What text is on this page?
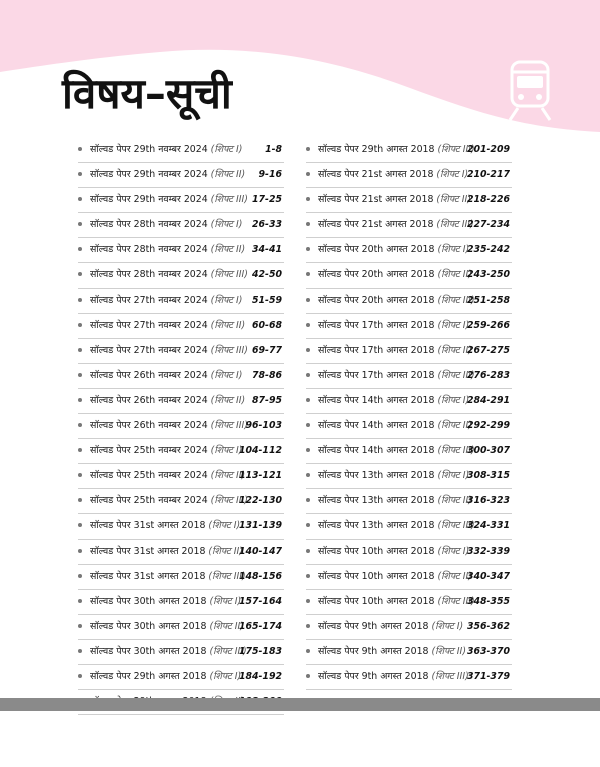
विषय–सूची
सॉल्वड पेपर 29th नवम्बर 2024 (शिफ्ट I) 1-8
सॉल्वड पेपर 29th नवम्बर 2024 (शिफ्ट II) 9-16
सॉल्वड पेपर 29th नवम्बर 2024 (शिफ्ट III) 17-25
सॉल्वड पेपर 28th नवम्बर 2024 (शिफ्ट I) 26-33
सॉल्वड पेपर 28th नवम्बर 2024 (शिफ्ट II) 34-41
सॉल्वड पेपर 28th नवम्बर 2024 (शिफ्ट III) 42-50
सॉल्वड पेपर 27th नवम्बर 2024 (शिफ्ट I) 51-59
सॉल्वड पेपर 27th नवम्बर 2024 (शिफ्ट II) 60-68
सॉल्वड पेपर 27th नवम्बर 2024 (शिफ्ट III) 69-77
सॉल्वड पेपर 26th नवम्बर 2024 (शिफ्ट I) 78-86
सॉल्वड पेपर 26th नवम्बर 2024 (शिफ्ट II) 87-95
सॉल्वड पेपर 26th नवम्बर 2024 (शिफ्ट III)
96-103
सॉल्वड पेपर 25th नवम्बर 2024 (शिफ्ट I)
104-112
सॉल्वड पेपर 25th नवम्बर 2024 (शिफ्ट II)
113-121
सॉल्वड पेपर 25th नवम्बर 2024 (शिफ्ट III)
122-130
सॉल्वड पेपर 31st अगस्त 2018 (शिफ्ट I)
131-139
सॉल्वड पेपर 31st अगस्त 2018 (शिफ्ट II)
140-147
सॉल्वड पेपर 31st अगस्त 2018 (शिफ्ट III)
148-156
सॉल्वड पेपर 30th अगस्त 2018 (शिफ्ट I)
157-164
सॉल्वड पेपर 30th अगस्त 2018 (शिफ्ट II)
165-174
सॉल्वड पेपर 30th अगस्त 2018 (शिफ्ट III)
175-183
सॉल्वड पेपर 29th अगस्त 2018 (शिफ्ट I)
184-192
सॉल्वड पेपर 29th अगस्त 2018 (शिफ्ट III)
201-209
सॉल्वड पेपर 21st अगस्त 2018 (शिफ्ट I)
210-217
सॉल्वड पेपर 21st अगस्त 2018 (शिफ्ट II)
218-226
सॉल्वड पेपर 21st अगस्त 2018 (शिफ्ट III)
227-234
सॉल्वड पेपर 20th अगस्त 2018 (शिफ्ट I)
235-242
सॉल्वड पेपर 20th अगस्त 2018 (शिफ्ट II)
243-250
सॉल्वड पेपर 20th अगस्त 2018 (शिफ्ट III)
251-258
सॉल्वड पेपर 17th अगस्त 2018 (शिफ्ट I)
259-266
सॉल्वड पेपर 17th अगस्त 2018 (शिफ्ट II)
267-275
सॉल्वड पेपर 17th अगस्त 2018 (शिफ्ट III)
276-283
सॉल्वड पेपर 14th अगस्त 2018 (शिफ्ट I)
284-291
सॉल्वड पेपर 14th अगस्त 2018 (शिफ्ट II)
292-299
सॉल्वड पेपर 14th अगस्त 2018 (शिफ्ट III)
300-307
सॉल्वड पेपर 13th अगस्त 2018 (शिफ्ट I)
308-315
सॉल्वड पेपर 13th अगस्त 2018 (शिफ्ट II)
316-323
सॉल्वड पेपर 13th अगस्त 2018 (शिफ्ट III)
324-331
सॉल्वड पेपर 10th अगस्त 2018 (शिफ्ट I)
332-339
सॉल्वड पेपर 10th अगस्त 2018 (शिफ्ट II)
340-347
सॉल्वड पेपर 10th अगस्त 2018 (शिफ्ट III)
348-355
सॉल्वड पेपर 9th अगस्त 2018 (शिफ्ट I) 356-362
सॉल्वड पेपर 9th अगस्त 2018 (शिफ्ट II) 363-370
सॉल्वड पेपर 9th अगस्त 2018 (शिफ्ट III)
371-379
